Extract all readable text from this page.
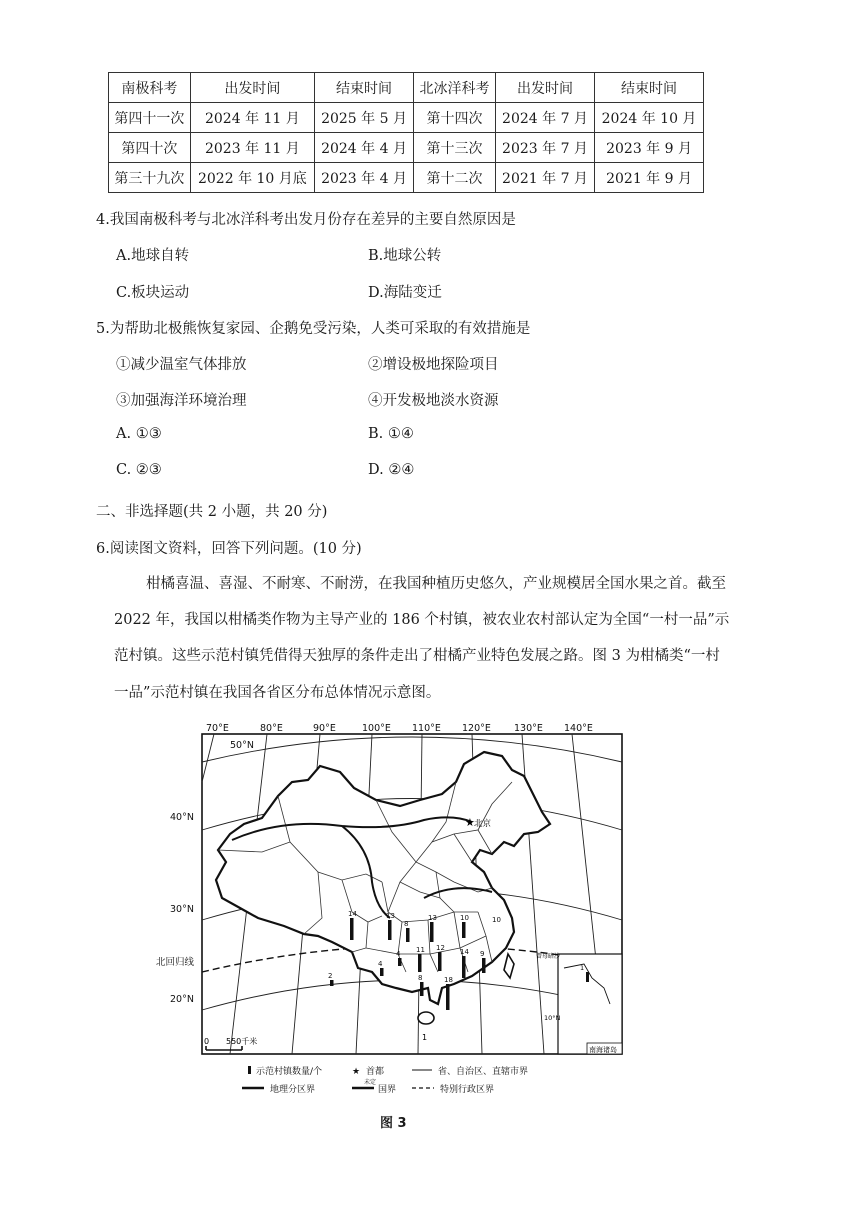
南极科考	出发时间	结束时间	北冰洋科考	出发时间	结束时间
第四十一次	2024 年 11 月	2025 年 5 月	第十四次	2024 年 7 月	2024 年 10 月
第四十次	2023 年 11 月	2024 年 4 月	第十三次	2023 年 7 月	2023 年 9 月
第三十九次	2022 年 10 月底	2023 年 4 月	第十二次	2021 年 7 月	2021 年 9 月
4.我国南极科考与北冰洋科考出发月份存在差异的主要自然原因是
A.地球自转	B.地球公转
C.板块运动	D.海陆变迁
5.为帮助北极熊恢复家园、企鹅免受污染，人类可采取的有效措施是
①减少温室气体排放	②增设极地探险项目
③加强海洋环境治理	④开发极地淡水资源
A. ①③	B. ①④
C. ②③	D. ②④
二、非选择题(共 2 小题，共 20 分)
6.阅读图文资料，回答下列问题。(10 分)
柑橘喜温、喜湿、不耐寒、不耐涝，在我国种植历史悠久，产业规模居全国水果之首。截至
2022 年，我国以柑橘类作物为主导产业的 186 个村镇，被农业农村部认定为全国“一村一品”示
范村镇。这些示范村镇凭借得天独厚的条件走出了柑橘产业特色发展之路。图 3 为柑橘类“一村
一品”示范村镇在我国各省区分布总体情况示意图。
70°E	80°E	90°E	100°E 110°E 120°E 130°E 140°E
50°N
40°N
30°N
北回归线
20°N
1
★ 北京
14	13
8
13	10
4 11 12
4
14 9
8	18
2
10
1
曾母暗沙
10°N
南海诸岛
0 550千米
示范村镇数量/个	★ 首都	省、自治区、直辖市界
地理分区界
未定
国界	特别行政区界
图 3
